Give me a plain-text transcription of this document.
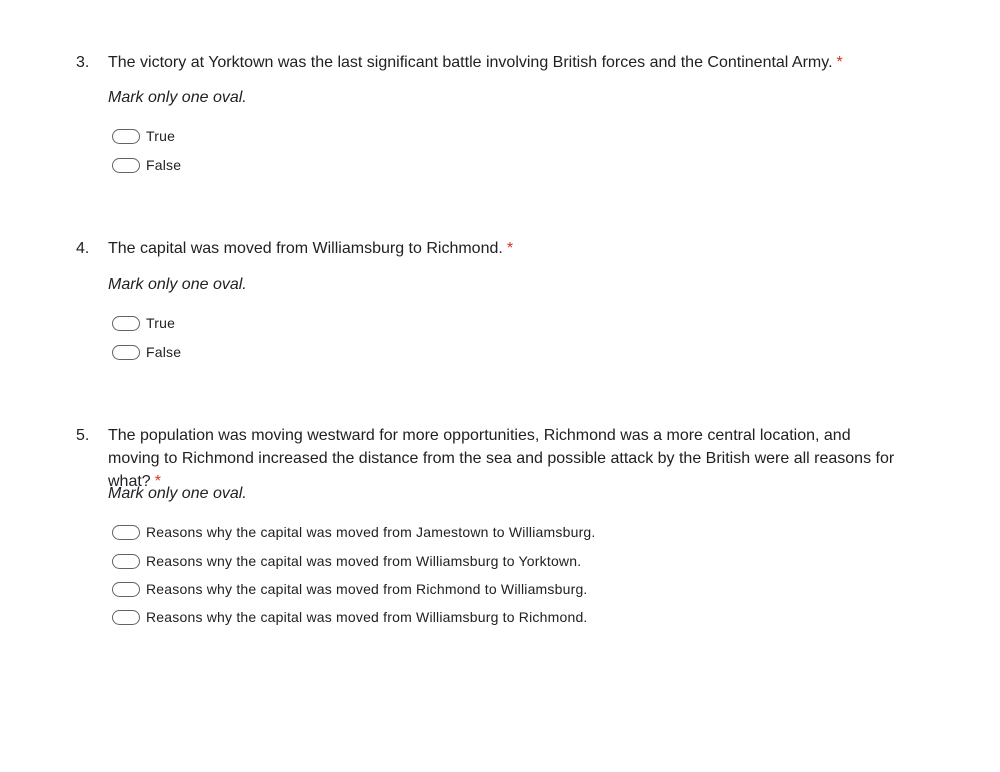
3. The victory at Yorktown was the last significant battle involving British forces and the Continental Army. *
Mark only one oval.
True
False
4. The capital was moved from Williamsburg to Richmond. *
Mark only one oval.
True
False
5. The population was moving westward for more opportunities, Richmond was a more central location, and moving to Richmond increased the distance from the sea and possible attack by the British were all reasons for what? *
Mark only one oval.
Reasons why the capital was moved from Jamestown to Williamsburg.
Reasons wny the capital was moved from Williamsburg to Yorktown.
Reasons why the capital was moved from Richmond to Williamsburg.
Reasons why the capital was moved from Williamsburg to Richmond.
